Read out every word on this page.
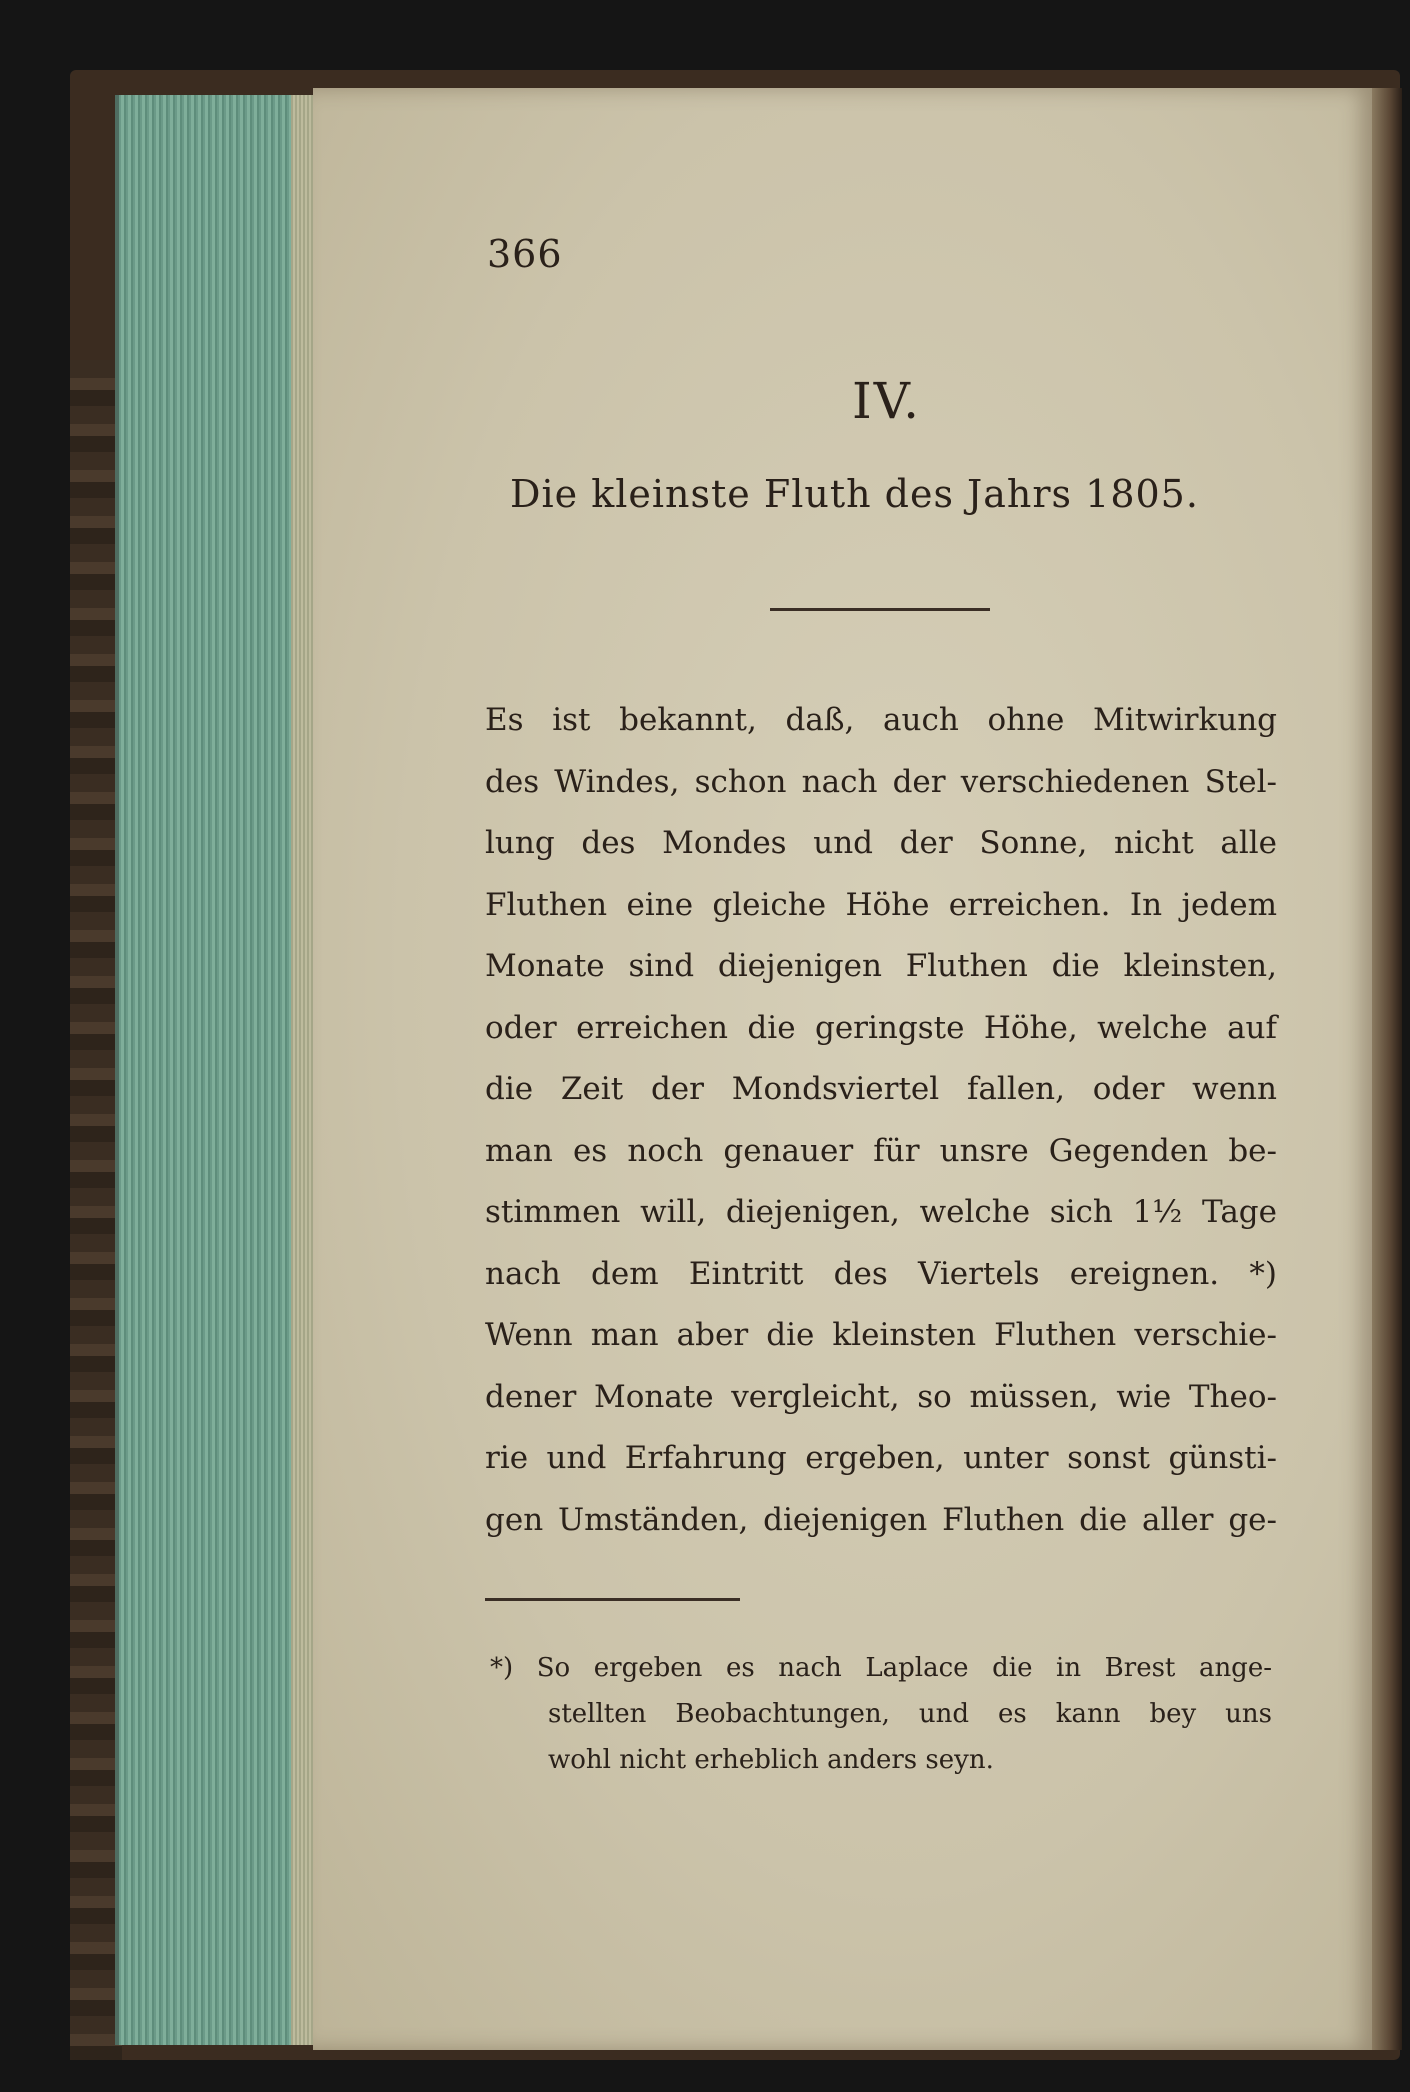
366
IV.
Die kleinste Fluth des Jahrs 1805.
Es ist bekannt, daß, auch ohne Mitwirkung
des Windes, schon nach der verschiedenen Stel-
lung des Mondes und der Sonne, nicht alle
Fluthen eine gleiche Höhe erreichen. In jedem
Monate sind diejenigen Fluthen die kleinsten,
oder erreichen die geringste Höhe, welche auf
die Zeit der Mondsviertel fallen, oder wenn
man es noch genauer für unsre Gegenden be-
stimmen will, diejenigen, welche sich 1½ Tage
nach dem Eintritt des Viertels ereignen. *)
Wenn man aber die kleinsten Fluthen verschie-
dener Monate vergleicht, so müssen, wie Theo-
rie und Erfahrung ergeben, unter sonst günsti-
gen Umständen, diejenigen Fluthen die aller ge-
*) So ergeben es nach Laplace die in Brest ange-
stellten Beobachtungen, und es kann bey uns
wohl nicht erheblich anders seyn.
